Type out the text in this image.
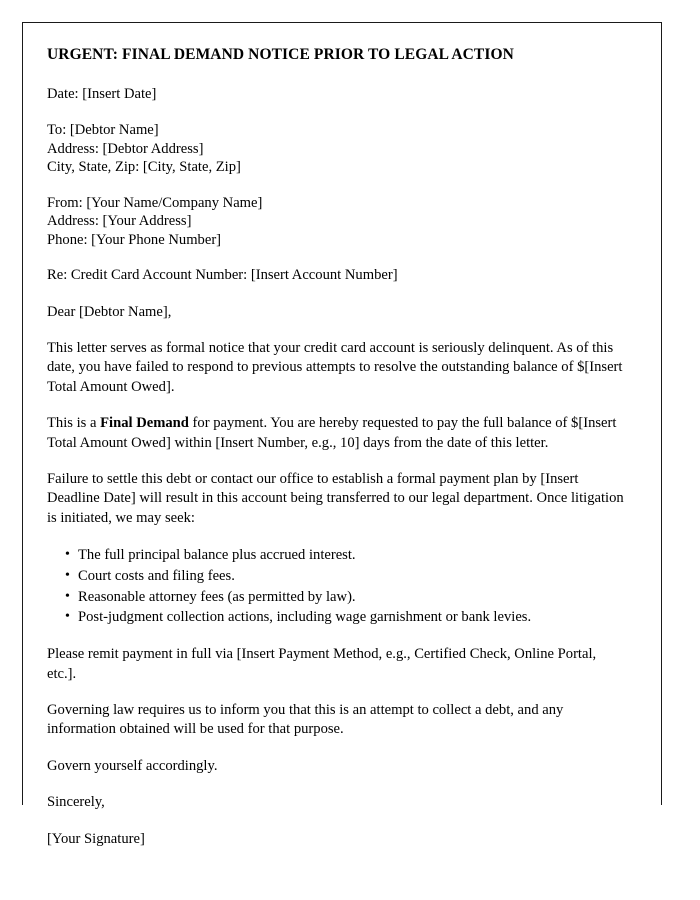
URGENT: FINAL DEMAND NOTICE PRIOR TO LEGAL ACTION

Date: [Insert Date]

To: [Debtor Name]
Address: [Debtor Address]
City, State, Zip: [City, State, Zip]
From: [Your Name/Company Name]
Address: [Your Address]
Phone: [Your Phone Number]

Re: Credit Card Account Number: [Insert Account Number]

Dear [Debtor Name],

This letter serves as formal notice that your credit card account is seriously delinquent. As of this date, you have failed to respond to previous attempts to resolve the outstanding balance of $[Insert Total Amount Owed].

This is a Final Demand for payment. You are hereby requested to pay the full balance of $[Insert Total Amount Owed] within [Insert Number, e.g., 10] days from the date of this letter.

Failure to settle this debt or contact our office to establish a formal payment plan by [Insert Deadline Date] will result in this account being transferred to our legal department. Once litigation is initiated, we may seek:

• The full principal balance plus accrued interest.
• Court costs and filing fees.
• Reasonable attorney fees (as permitted by law).
• Post-judgment collection actions, including wage garnishment or bank levies.

Please remit payment in full via [Insert Payment Method, e.g., Certified Check, Online Portal, etc.].

Governing law requires us to inform you that this is an attempt to collect a debt, and any information obtained will be used for that purpose.

Govern yourself accordingly.

Sincerely,

[Your Signature]
